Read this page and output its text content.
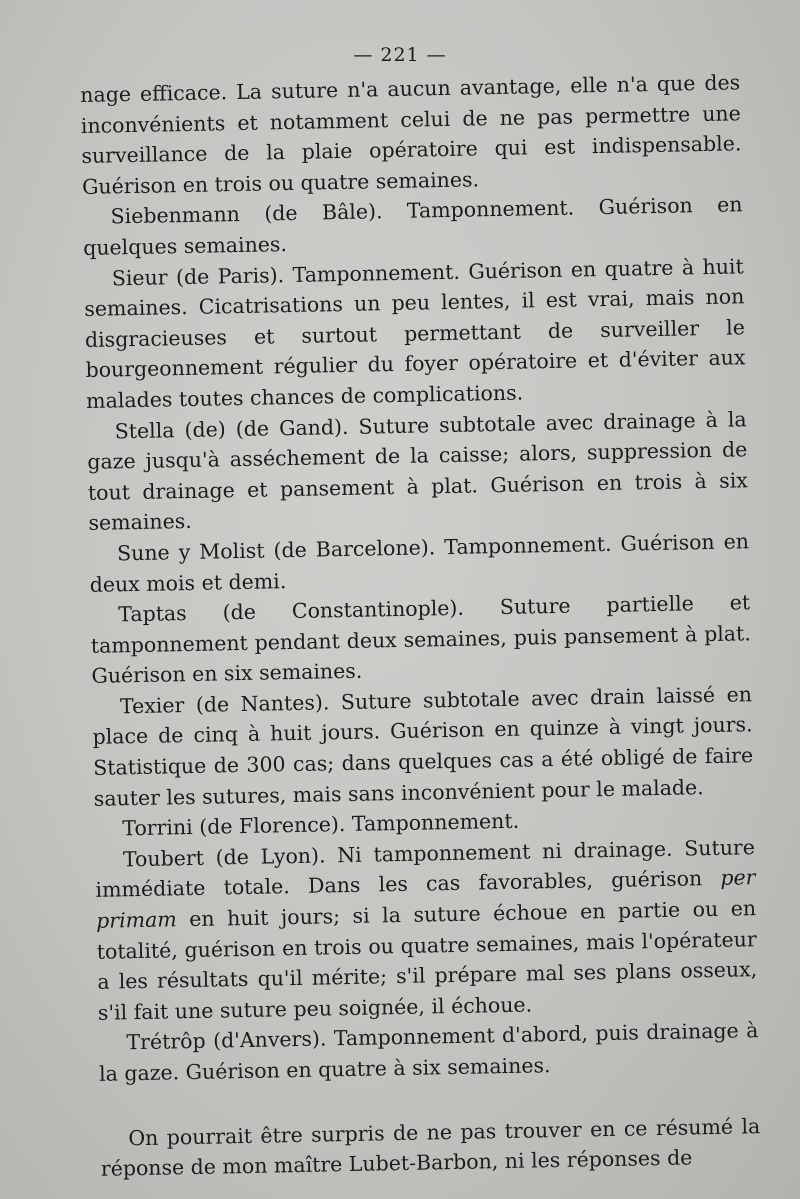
— 221 —

nage efficace. La suture n'a aucun avantage, elle n'a que des inconvénients et notamment celui de ne pas permettre une surveillance de la plaie opératoire qui est indispensable. Guérison en trois ou quatre semaines.

Siebenmann (de Bâle). Tamponnement. Guérison en quelques semaines.

Sieur (de Paris). Tamponnement. Guérison en quatre à huit semaines. Cicatrisations un peu lentes, il est vrai, mais non disgracieuses et surtout permettant de surveiller le bourgeonnement régulier du foyer opératoire et d'éviter aux malades toutes chances de complications.

Stella (de) (de Gand). Suture subtotale avec drainage à la gaze jusqu'à asséchement de la caisse; alors, suppression de tout drainage et pansement à plat. Guérison en trois à six semaines.

Sune y Molist (de Barcelone). Tamponnement. Guérison en deux mois et demi.

Taptas (de Constantinople). Suture partielle et tamponnement pendant deux semaines, puis pansement à plat. Guérison en six semaines.

Texier (de Nantes). Suture subtotale avec drain laissé en place de cinq à huit jours. Guérison en quinze à vingt jours. Statistique de 300 cas; dans quelques cas a été obligé de faire sauter les sutures, mais sans inconvénient pour le malade.

Torrini (de Florence). Tamponnement.

Toubert (de Lyon). Ni tamponnement ni drainage. Suture immédiate totale. Dans les cas favorables, guérison per primam en huit jours; si la suture échoue en partie ou en totalité, guérison en trois ou quatre semaines, mais l'opérateur a les résultats qu'il mérite; s'il prépare mal ses plans osseux, s'il fait une suture peu soignée, il échoue.

Trétrôp (d'Anvers). Tamponnement d'abord, puis drainage à la gaze. Guérison en quatre à six semaines.

On pourrait être surpris de ne pas trouver en ce résumé la réponse de mon maître Lubet-Barbon, ni les réponses de
